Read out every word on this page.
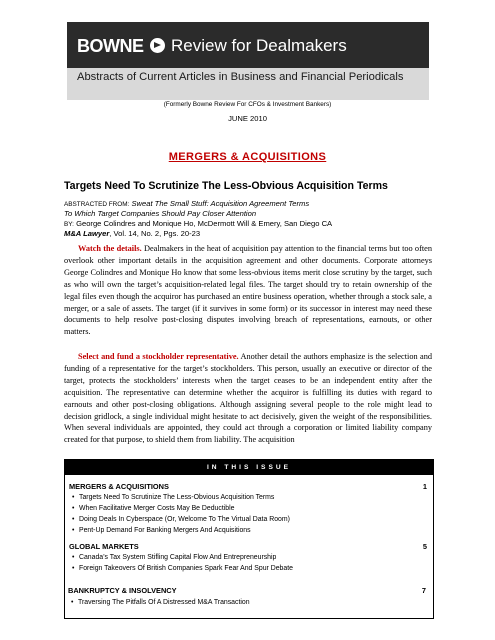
BOWNE Review for Dealmakers
Abstracts of Current Articles in Business and Financial Periodicals
(Formerly Bowne Review For CFOs & Investment Bankers)
JUNE 2010
MERGERS & ACQUISITIONS
Targets Need To Scrutinize The Less-Obvious Acquisition Terms
ABSTRACTED FROM: Sweat The Small Stuff: Acquisition Agreement Terms
To Which Target Companies Should Pay Closer Attention
BY: George Colindres and Monique Ho, McDermott Will & Emery, San Diego CA
M&A Lawyer, Vol. 14, No. 2, Pgs. 20-23

Watch the details. Dealmakers in the heat of acquisition pay attention to the financial terms but too often overlook other important details in the acquisition agreement and other documents. Corporate attorneys George Colindres and Monique Ho know that some less-obvious items merit close scrutiny by the target, such as who will own the target’s acquisition-related legal files. The target should try to retain ownership of the legal files even though the acquiror has purchased an entire business operation, whether through a stock sale, a merger, or a sale of assets. The target (if it survives in some form) or its successor in interest may need these documents to help resolve post-closing disputes involving breach of representations, earnouts, or other matters.

Select and fund a stockholder representative. Another detail the authors emphasize is the selection and funding of a representative for the target’s stockholders. This person, usually an executive or director of the target, protects the stockholders’ interests when the target ceases to be an independent entity after the acquisition. The representative can determine whether the acquiror is fulfilling its duties with regard to earnouts and other post-closing obligations. Although assigning several people to the role might lead to decision gridlock, a single individual might hesitate to act decisively, given the weight of the responsibilities. When several individuals are appointed, they could act through a corporation or limited liability company created for that purpose, to shield them from liability. The acquisition

IN THIS ISSUE
MERGERS & ACQUISITIONS	1
• Targets Need To Scrutinize The Less-Obvious Acquisition Terms
• When Facilitative Merger Costs May Be Deductible
• Doing Deals In Cyberspace (Or, Welcome To The Virtual Data Room)
• Pent-Up Demand For Banking Mergers And Acquisitions
GLOBAL MARKETS	5
• Canada’s Tax System Stifling Capital Flow And Entrepreneurship
• Foreign Takeovers Of British Companies Spark Fear And Spur Debate
BANKRUPTCY & INSOLVENCY	7
• Traversing The Pitfalls Of A Distressed M&A Transaction
